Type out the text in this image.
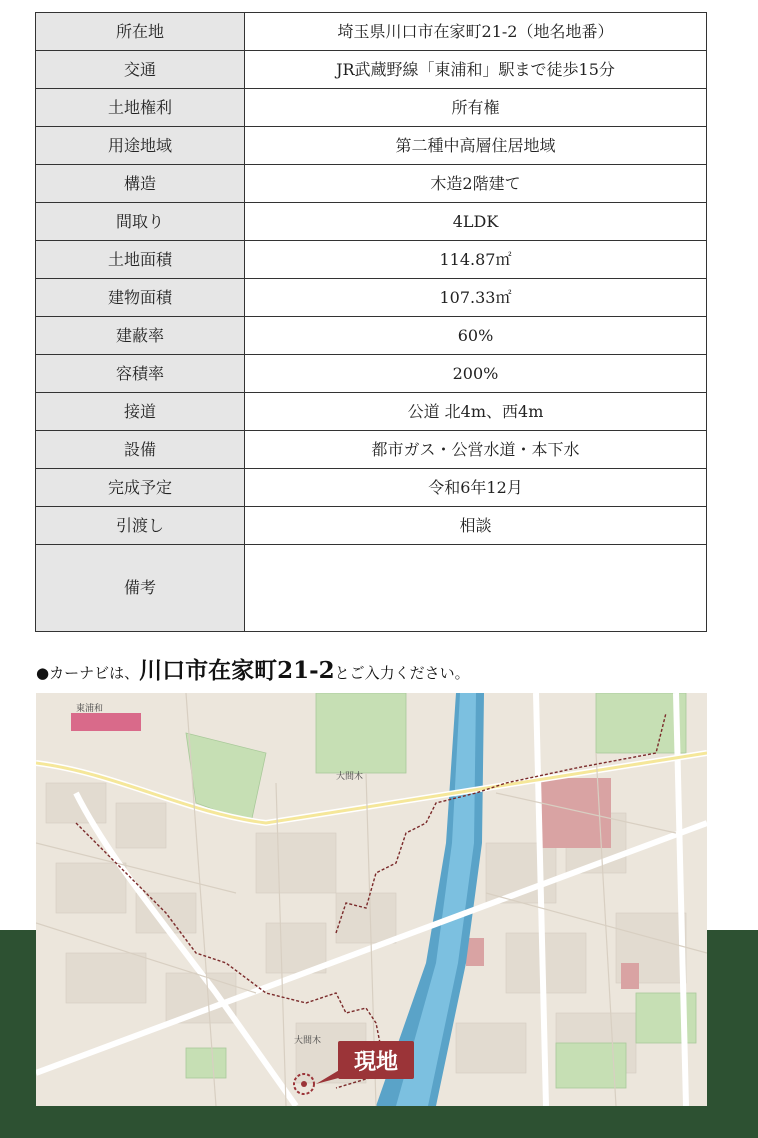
所在地	埼玉県川口市在家町21-2（地名地番）
交通	JR武蔵野線「東浦和」駅まで徒歩15分
土地権利	所有権
用途地域	第二種中高層住居地域
構造	木造2階建て
間取り	4LDK
土地面積	114.87㎡
建物面積	107.33㎡
建蔽率	60%
容積率	200%
接道	公道 北4m、西4m
設備	都市ガス・公営水道・本下水
完成予定	令和6年12月
引渡し	相談
備考	
●カーナビは、川口市在家町21-2とご入力ください。
東浦和
大間木
大間木
現地
